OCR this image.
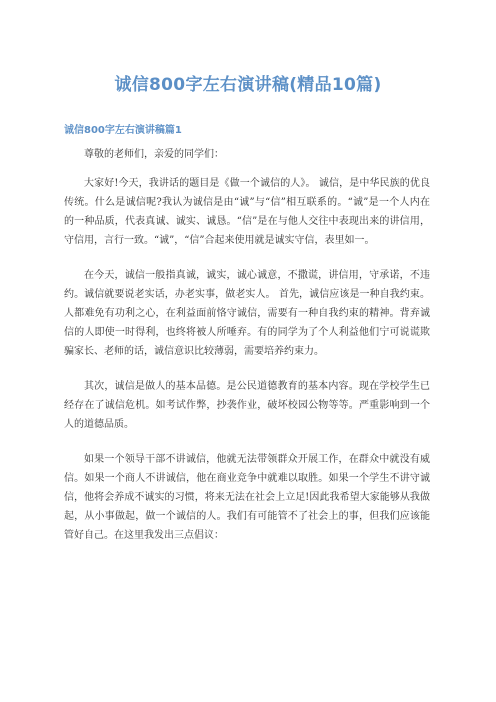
诚信800字左右演讲稿(精品10篇)
诚信800字左右演讲稿篇1

尊敬的老师们，亲爱的同学们：

大家好!今天，我讲话的题目是《做一个诚信的人》。 诚信，是中华民族的优良传统。什么是诚信呢?我认为诚信是由“诚”与“信”相互联系的。“诚”是一个人内在的一种品质，代表真诚、诚实、诚恳。“信”是在与他人交往中表现出来的讲信用，守信用，言行一致。“诚”，“信”合起来使用就是诚实守信，表里如一。

在今天，诚信一般指真诚，诚实，诚心诚意，不撒谎，讲信用，守承诺，不违约。诚信就要说老实话，办老实事，做老实人。 首先，诚信应该是一种自我约束。人都难免有功利之心，在利益面前恪守诚信，需要有一种自我约束的精神。背弃诚信的人即使一时得利，也终将被人所唾弃。有的同学为了个人利益他们宁可说谎欺骗家长、老师的话，诚信意识比较薄弱，需要培养约束力。

其次，诚信是做人的基本品德。是公民道德教育的基本内容。现在学校学生已经存在了诚信危机。如考试作弊，抄袭作业，破坏校园公物等等。严重影响到一个人的道德品质。

如果一个领导干部不讲诚信，他就无法带领群众开展工作，在群众中就没有威信。如果一个商人不讲诚信，他在商业竞争中就难以取胜。如果一个学生不讲守诚信，他将会养成不诚实的习惯，将来无法在社会上立足!因此我希望大家能够从我做起，从小事做起，做一个诚信的人。我们有可能管不了社会上的事，但我们应该能管好自己。在这里我发出三点倡议：
